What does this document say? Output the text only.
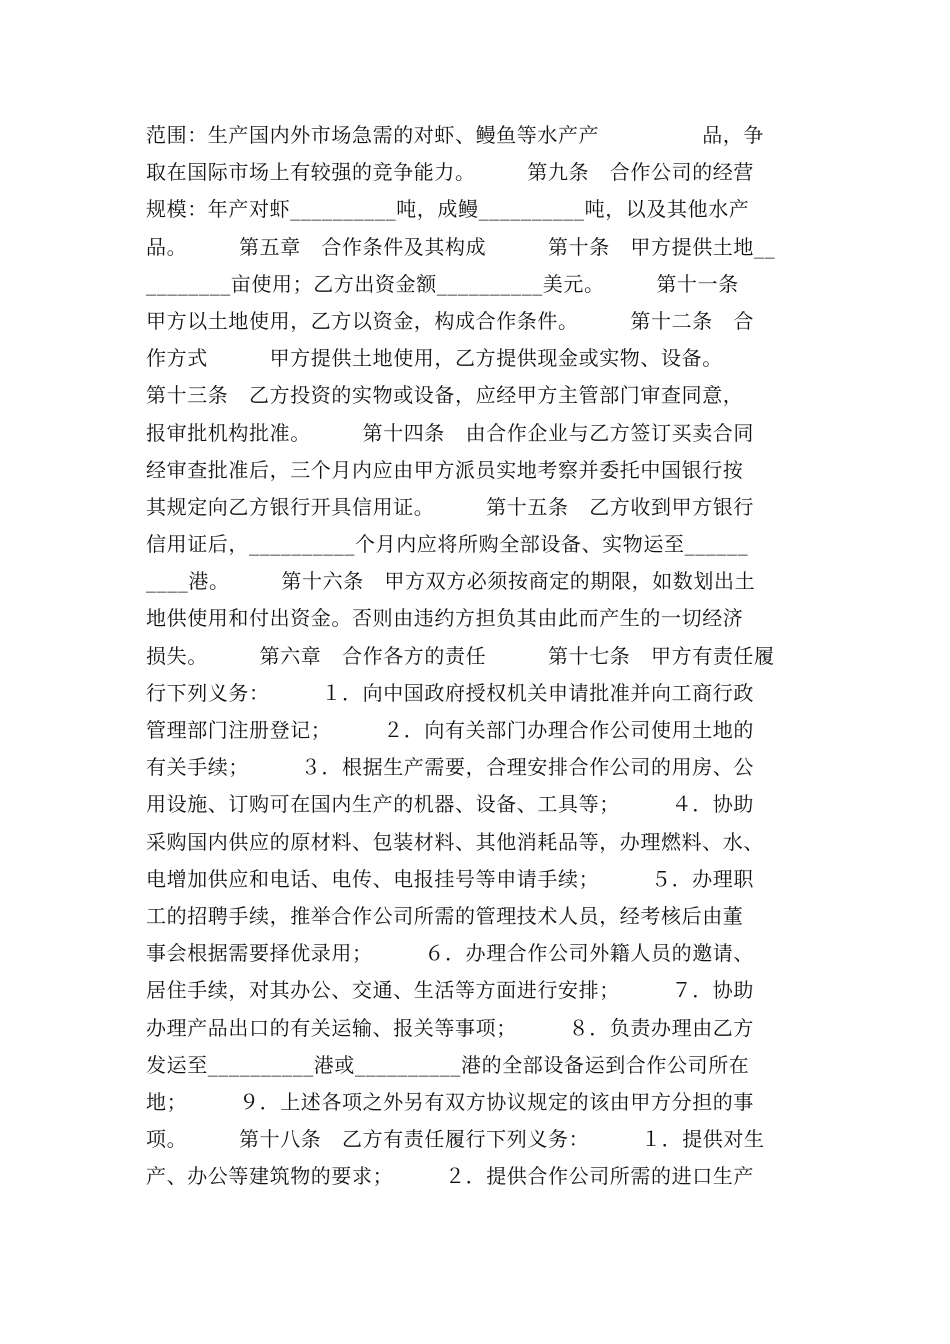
范围：生产国内外市场急需的对虾、鳗鱼等水产产　　　　　品，争
取在国际市场上有较强的竞争能力。　　　第九条　合作公司的经营
规模：年产对虾__________吨，成鳗__________吨，以及其他水产
品。　　　第五章　合作条件及其构成　　　第十条　甲方提供土地__
________亩使用；乙方出资金额__________美元。　　　第十一条
甲方以土地使用，乙方以资金，构成合作条件。　　　第十二条　合
作方式　　　甲方提供土地使用，乙方提供现金或实物、设备。
第十三条　乙方投资的实物或设备，应经甲方主管部门审查同意，
报审批机构批准。　　　第十四条　由合作企业与乙方签订买卖合同
经审查批准后，三个月内应由甲方派员实地考察并委托中国银行按
其规定向乙方银行开具信用证。　　　第十五条　乙方收到甲方银行
信用证后，__________个月内应将所购全部设备、实物运至______
____港。　　　第十六条　甲方双方必须按商定的期限，如数划出土
地供使用和付出资金。否则由违约方担负其由此而产生的一切经济
损失。　　　第六章　合作各方的责任　　　第十七条　甲方有责任履
行下列义务：　　　１．向中国政府授权机关申请批准并向工商行政
管理部门注册登记；　　　２．向有关部门办理合作公司使用土地的
有关手续；　　　３．根据生产需要，合理安排合作公司的用房、公
用设施、订购可在国内生产的机器、设备、工具等；　　　４．协助
采购国内供应的原材料、包装材料、其他消耗品等，办理燃料、水、
电增加供应和电话、电传、电报挂号等申请手续；　　　５．办理职
工的招聘手续，推举合作公司所需的管理技术人员，经考核后由董
事会根据需要择优录用；　　　６．办理合作公司外籍人员的邀请、
居住手续，对其办公、交通、生活等方面进行安排；　　　７．协助
办理产品出口的有关运输、报关等事项；　　　８．负责办理由乙方
发运至__________港或__________港的全部设备运到合作公司所在
地；　　　９．上述各项之外另有双方协议规定的该由甲方分担的事
项。　　　第十八条　乙方有责任履行下列义务：　　　１．提供对生
产、办公等建筑物的要求；　　　２．提供合作公司所需的进口生产
